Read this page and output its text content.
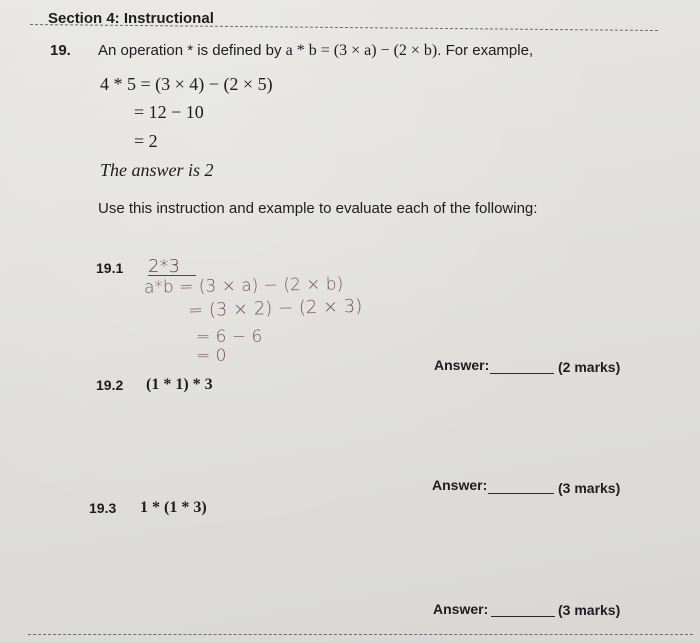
Section 4: Instructional
19. An operation * is defined by a * b = (3 × a) − (2 × b). For example,
4 * 5 = (3 × 4) − (2 × 5)
= 12 − 10
= 2
The answer is 2
Use this instruction and example to evaluate each of the following:
19.1 2*3
a*b = (3 × a) − (2 × b)
= (3 × 2) − (2 × 3)
= 6 − 6
= 0	Answer:	(2 marks)
19.2 (1 * 1) * 3
Answer:	(3 marks)
19.3 1 * (1 * 3)
Answer:	(3 marks)
